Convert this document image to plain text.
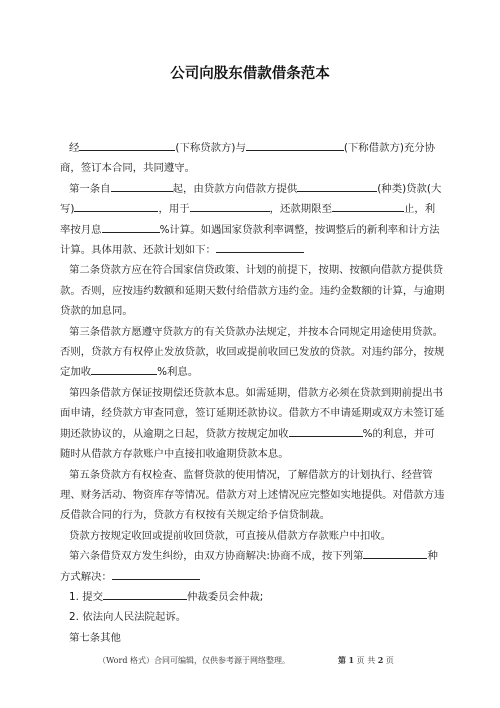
公司向股东借款借条范本

经	(下称贷款方)与	(下称借款方)充分协商，签订本合同，共同遵守。

第一条自	起，由贷款方向借款方提供	(种类)贷款(大写)	，用于	，还款期限至	止，利率按月息	%计算。如遇国家贷款利率调整，按调整后的新利率和计方法计算。具体用款、还款计划如下：

第二条贷款方应在符合国家信贷政策、计划的前提下，按期、按额向借款方提供贷款。否则，应按违约数额和延期天数付给借款方违约金。违约金数额的计算，与逾期贷款的加息同。

第三条借款方愿遵守贷款方的有关贷款办法规定，并按本合同规定用途使用贷款。否则，贷款方有权停止发放贷款，收回或提前收回已发放的贷款。对违约部分，按规定加收	%利息。

第四条借款方保证按期偿还贷款本息。如需延期，借款方必须在贷款到期前提出书面申请，经贷款方审查同意，签订延期还款协议。借款方不申请延期或双方未签订延期还款协议的，从逾期之日起，贷款方按规定加收	%的利息，并可随时从借款方存款账户中直接扣收逾期贷款本息。

第五条贷款方有权检查、监督贷款的使用情况，了解借款方的计划执行、经营管理、财务活动、物资库存等情况。借款方对上述情况应完整如实地提供。对借款方违反借款合同的行为，贷款方有权按有关规定给予信贷制裁。

贷款方按规定收回或提前收回贷款，可直接从借款方存款账户中扣收。

第六条借贷双方发生纠纷，由双方协商解决:协商不成，按下列第	种方式解决：

1. 提交	仲裁委员会仲裁;

2. 依法向人民法院起诉。

第七条其他

（Word 格式）合同可编辑，仅供参考源于网络整理。	第 1 页 共 2 页
